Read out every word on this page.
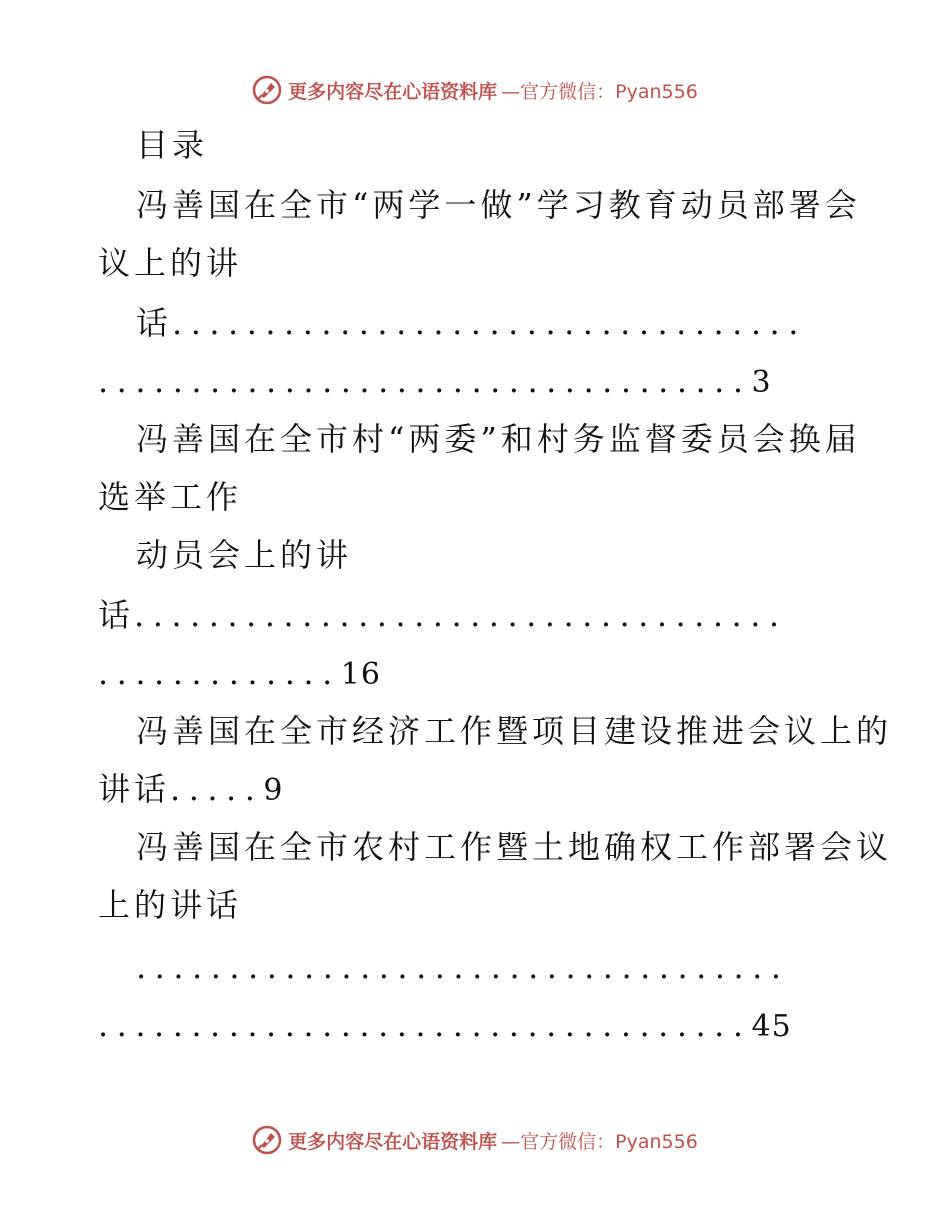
更多内容尽在心语资料库 —官方微信：Pyan556
目录
冯善国在全市“两学一做”学习教育动员部署会
议上的讲
话..................................
...................................3
冯善国在全市村“两委”和村务监督委员会换届
选举工作
动员会上的讲
话...................................
.............16
冯善国在全市经济工作暨项目建设推进会议上的
讲话.....9
冯善国在全市农村工作暨土地确权工作部署会议
上的讲话
...................................
...................................45
更多内容尽在心语资料库 —官方微信：Pyan556
